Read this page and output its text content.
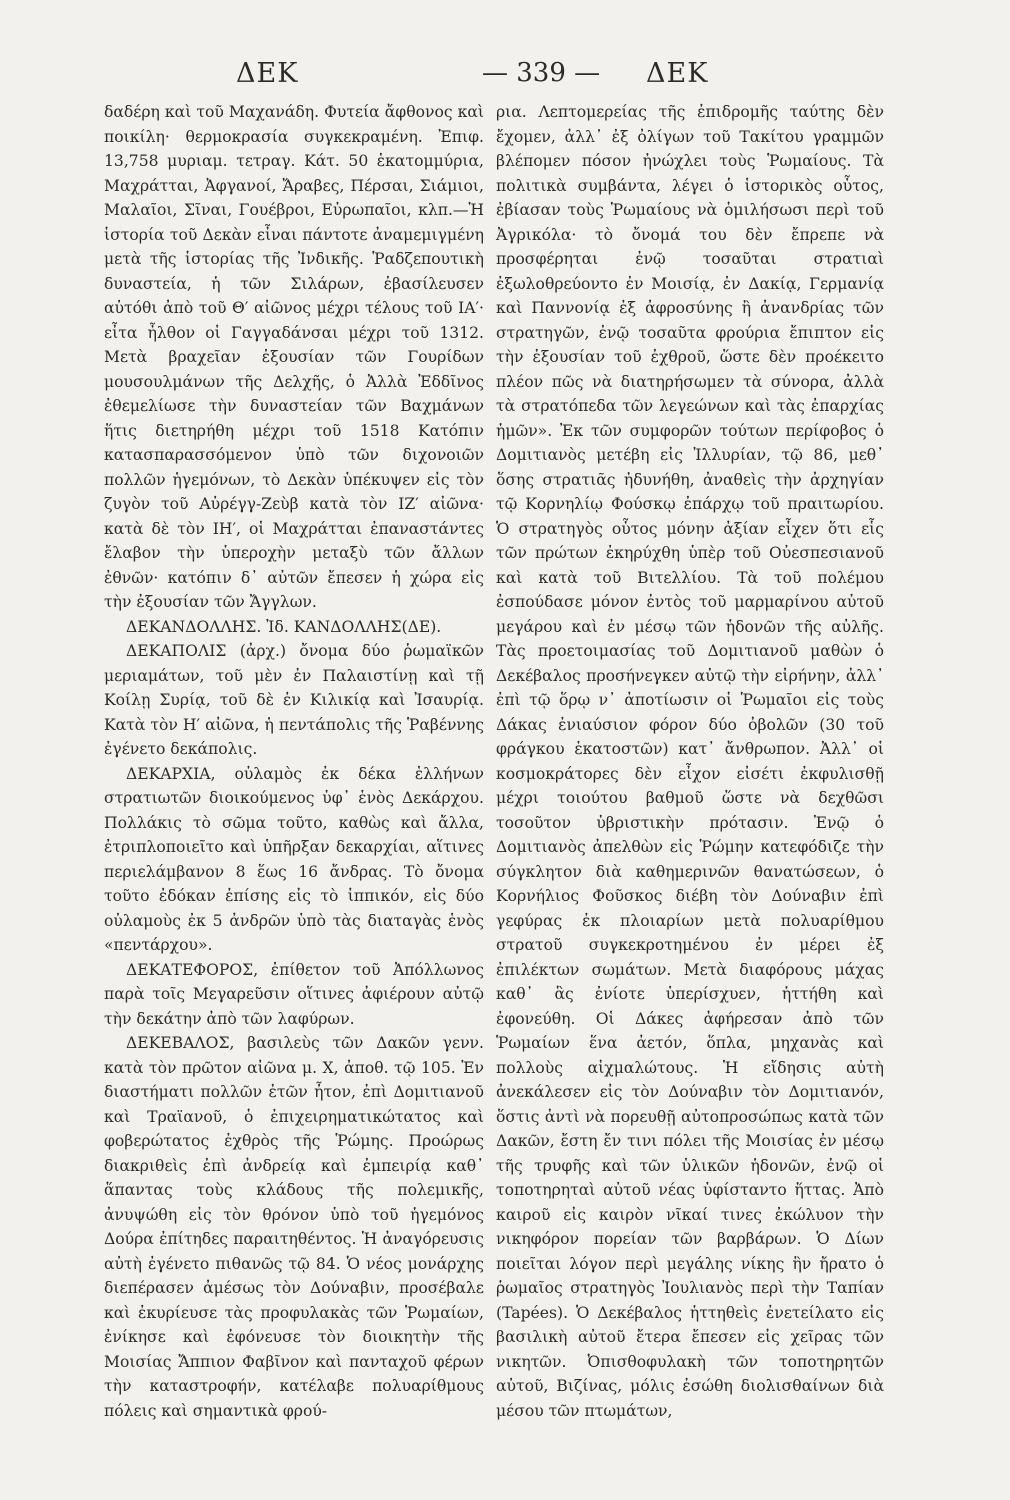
ΔΕΚ	— 339 — ΔΕΚ

δαδέρη καὶ τοῦ Μαχανάδη. Φυτεία ἄφθονος καὶ ποικίλη· θερμοκρασία συγκεκραμένη. Ἐπιφ. 13,758 μυριαμ. τετραγ. Κάτ. 50 ἑκατομμύρια, Μαχράτται, Ἀφγανοί, Ἄραβες, Πέρσαι, Σιάμιοι, Μαλαῖοι, Σῖναι, Γουέβροι, Εὐρωπαῖοι, κλπ.—Ἡ ἱστορία τοῦ Δεκὰν εἶναι πάντοτε ἀναμεμιγμένη μετὰ τῆς ἱστορίας τῆς Ἰνδικῆς. Ῥαδζεπουτικὴ δυναστεία, ἡ τῶν Σιλάρων, ἐβασίλευσεν αὐτόθι ἀπὸ τοῦ Θ′ αἰῶνος μέχρι τέλους τοῦ ΙΑ′· εἶτα ἦλθον οἱ Γαγγαδάνσαι μέχρι τοῦ 1312. Μετὰ βραχεῖαν ἐξουσίαν τῶν Γουρίδων μουσουλμάνων τῆς Δελχῆς, ὁ Ἀλλὰ Ἐδδῖνος ἐθεμελίωσε τὴν δυναστείαν τῶν Βαχμάνων ἥτις διετηρήθη μέχρι τοῦ 1518 Κατόπιν κατασπαρασσόμενον ὑπὸ τῶν διχονοιῶν πολλῶν ἡγεμόνων, τὸ Δεκὰν ὑπέκυψεν εἰς τὸν ζυγὸν τοῦ Αὐρέγγ-Ζεὺβ κατὰ τὸν ΙΖ′ αἰῶνα· κατὰ δὲ τὸν ΙΗ′, οἱ Μαχράτται ἐπαναστάντες ἔλαβον τὴν ὑπεροχὴν μεταξὺ τῶν ἄλλων ἐθνῶν· κατόπιν δ᾽ αὐτῶν ἔπεσεν ἡ χώρα εἰς τὴν ἐξουσίαν τῶν Ἄγγλων.

ΔΕΚΑΝΔΟΛΛΗΣ. Ἰδ. ΚΑΝΔΟΛΛΗΣ(ΔΕ).

ΔΕΚΑΠΟΛΙΣ (ἀρχ.) ὄνομα δύο ῥωμαϊκῶν μεριαμάτων, τοῦ μὲν ἐν Παλαιστίνῃ καὶ τῇ Κοίλῃ Συρίᾳ, τοῦ δὲ ἐν Κιλικίᾳ καὶ Ἰσαυρίᾳ. Κατὰ τὸν Η′ αἰῶνα, ἡ πεντάπολις τῆς Ῥαβέννης ἐγένετο δεκάπολις.

ΔΕΚΑΡΧΙΑ, οὐλαμὸς ἐκ δέκα ἑλλήνων στρατιωτῶν διοικούμενος ὑφ᾽ ἑνὸς Δεκάρχου. Πολλάκις τὸ σῶμα τοῦτο, καθὼς καὶ ἄλλα, ἐτριπλοποιεῖτο καὶ ὑπῆρξαν δεκαρχίαι, αἵτινες περιελάμβανον 8 ἕως 16 ἄνδρας. Τὸ ὄνομα τοῦτο ἐδόκαν ἐπίσης εἰς τὸ ἱππικόν, εἰς δύο οὐλαμοὺς ἐκ 5 ἀνδρῶν ὑπὸ τὰς διαταγὰς ἑνὸς «πεντάρχου».

ΔΕΚΑΤΕΦΟΡΟΣ, ἐπίθετον τοῦ Ἀπόλλωνος παρὰ τοῖς Μεγαρεῦσιν οἵτινες ἀφιέρουν αὐτῷ τὴν δεκάτην ἀπὸ τῶν λαφύρων.

ΔΕΚΕΒΑΛΟΣ, βασιλεὺς τῶν Δακῶν γενν. κατὰ τὸν πρῶτον αἰῶνα μ. Χ, ἀποθ. τῷ 105. Ἐν διαστήματι πολλῶν ἐτῶν ἦτον, ἐπὶ Δομιτιανοῦ καὶ Τραϊανοῦ, ὁ ἐπιχειρηματικώτατος καὶ φοβερώτατος ἐχθρὸς τῆς Ῥώμης. Προώρως διακριθεὶς ἐπὶ ἀνδρείᾳ καὶ ἐμπειρίᾳ καθ᾽ ἅπαντας τοὺς κλάδους τῆς πολεμικῆς, ἀνυψώθη εἰς τὸν θρόνον ὑπὸ τοῦ ἡγεμόνος Δούρα ἐπίτηδες παραιτηθέντος. Ἡ ἀναγόρευσις αὐτὴ ἐγένετο πιθανῶς τῷ 84. Ὁ νέος μονάρχης διεπέρασεν ἀμέσως τὸν Δούναβιν, προσέβαλε καὶ ἐκυρίευσε τὰς προφυλακὰς τῶν Ῥωμαίων, ἐνίκησε καὶ ἐφόνευσε τὸν διοικητὴν τῆς Μοισίας Ἄππιον Φαβῖνον καὶ πανταχοῦ φέρων τὴν καταστροφήν, κατέλαβε πολυαρίθμους πόλεις καὶ σημαντικὰ φρού-

ρια. Λεπτομερείας τῆς ἐπιδρομῆς ταύτης δὲν ἔχομεν, ἀλλ᾽ ἐξ ὀλίγων τοῦ Τακίτου γραμμῶν βλέπομεν πόσον ἠνώχλει τοὺς Ῥωμαίους. Τὰ πολιτικὰ συμβάντα, λέγει ὁ ἱστορικὸς οὗτος, ἐβίασαν τοὺς Ῥωμαίους νὰ ὁμιλήσωσι περὶ τοῦ Ἀγρικόλα· τὸ ὄνομά του δὲν ἔπρεπε νὰ προσφέρηται ἐνῷ τοσαῦται στρατιαὶ ἐξωλοθρεύοντο ἐν Μοισίᾳ, ἐν Δακίᾳ, Γερμανίᾳ καὶ Παννονίᾳ ἐξ ἀφροσύνης ἢ ἀνανδρίας τῶν στρατηγῶν, ἐνῷ τοσαῦτα φρούρια ἔπιπτον εἰς τὴν ἐξουσίαν τοῦ ἐχθροῦ, ὥστε δὲν προέκειτο πλέον πῶς νὰ διατηρήσωμεν τὰ σύνορα, ἀλλὰ τὰ στρατόπεδα τῶν λεγεώνων καὶ τὰς ἐπαρχίας ἡμῶν». Ἐκ τῶν συμφορῶν τούτων περίφοβος ὁ Δομιτιανὸς μετέβη εἰς Ἰλλυρίαν, τῷ 86, μεθ᾽ ὅσης στρατιᾶς ἠδυνήθη, ἀναθεὶς τὴν ἀρχηγίαν τῷ Κορνηλίῳ Φούσκῳ ἐπάρχῳ τοῦ πραιτωρίου. Ὁ στρατηγὸς οὗτος μόνην ἀξίαν εἶχεν ὅτι εἷς τῶν πρώτων ἐκηρύχθη ὑπὲρ τοῦ Οὐεσπεσιανοῦ καὶ κατὰ τοῦ Βιτελλίου. Τὰ τοῦ πολέμου ἐσπούδασε μόνον ἐντὸς τοῦ μαρμαρίνου αὐτοῦ μεγάρου καὶ ἐν μέσῳ τῶν ἡδονῶν τῆς αὐλῆς. Τὰς προετοιμασίας τοῦ Δομιτιανοῦ μαθὼν ὁ Δεκέβαλος προσήνεγκεν αὐτῷ τὴν εἰρήνην, ἀλλ᾽ ἐπὶ τῷ ὅρῳ ν᾽ ἀποτίωσιν οἱ Ῥωμαῖοι εἰς τοὺς Δάκας ἐνιαύσιον φόρον δύο ὀβολῶν (30 τοῦ φράγκου ἑκατοστῶν) κατ᾽ ἄνθρωπον. Ἀλλ᾽ οἱ κοσμοκράτορες δὲν εἶχον εἰσέτι ἐκφυλισθῇ μέχρι τοιούτου βαθμοῦ ὥστε νὰ δεχθῶσι τοσοῦτον ὑβριστικὴν πρότασιν. Ἐνῷ ὁ Δομιτιανὸς ἀπελθὼν εἰς Ῥώμην κατεφόδιζε τὴν σύγκλητον διὰ καθημερινῶν θανατώσεων, ὁ Κορνήλιος Φοῦσκος διέβη τὸν Δούναβιν ἐπὶ γεφύρας ἐκ πλοιαρίων μετὰ πολυαρίθμου στρατοῦ συγκεκροτημένου ἐν μέρει ἐξ ἐπιλέκτων σωμάτων. Μετὰ διαφόρους μάχας καθ᾽ ἃς ἐνίοτε ὑπερίσχυεν, ἡττήθη καὶ ἐφονεύθη. Οἱ Δάκες ἀφήρεσαν ἀπὸ τῶν Ῥωμαίων ἕνα ἀετόν, ὅπλα, μηχανὰς καὶ πολλοὺς αἰχμαλώτους. Ἡ εἴδησις αὐτὴ ἀνεκάλεσεν εἰς τὸν Δούναβιν τὸν Δομιτιανόν, ὅστις ἀντὶ νὰ πορευθῇ αὐτοπροσώπως κατὰ τῶν Δακῶν, ἔστη ἔν τινι πόλει τῆς Μοισίας ἐν μέσῳ τῆς τρυφῆς καὶ τῶν ὑλικῶν ἡδονῶν, ἐνῷ οἱ τοποτηρηταὶ αὐτοῦ νέας ὑφίσταντο ἥττας. Ἀπὸ καιροῦ εἰς καιρὸν νῖκαί τινες ἐκώλυον τὴν νικηφόρον πορείαν τῶν βαρβάρων. Ὁ Δίων ποιεῖται λόγον περὶ μεγάλης νίκης ἣν ἤρατο ὁ ῥωμαῖος στρατηγὸς Ἰουλιανὸς περὶ τὴν Ταπίαν (Tapées). Ὁ Δεκέβαλος ἡττηθεὶς ἐνετείλατο εἰς βασιλικὴ αὐτοῦ ἔτερα ἔπεσεν εἰς χεῖρας τῶν νικητῶν. Ὀπισθοφυλακὴ τῶν τοποτηρητῶν αὐτοῦ, Βιζίνας, μόλις ἐσώθη διολισθαίνων διὰ μέσου τῶν πτωμάτων,
